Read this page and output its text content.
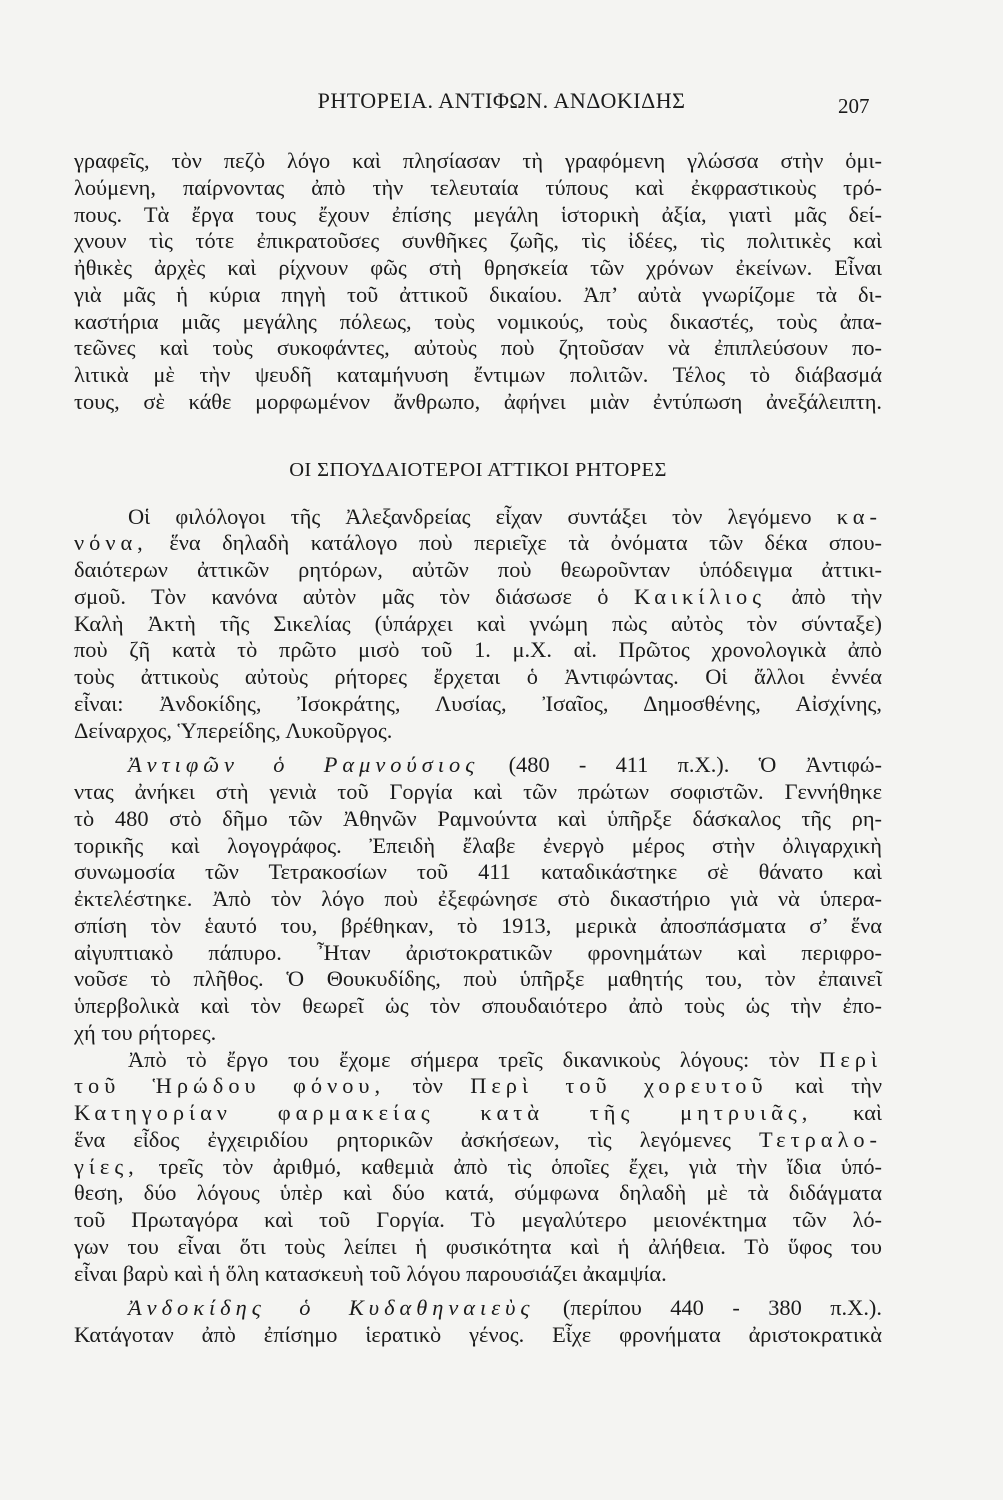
ΡΗΤΟΡΕΙΑ. ΑΝΤΙΦΩΝ. ΑΝΔΟΚΙΔΗΣ	207
γραφεῖς, τὸν πεζὸ λόγο καὶ πλησίασαν τὴ γραφόμενη γλώσσα στὴν ὁμι-
λούμενη, παίρνοντας ἀπὸ τὴν τελευταία τύπους καὶ ἐκφραστικοὺς τρό-
πους. Τὰ ἔργα τους ἔχουν ἐπίσης μεγάλη ἱστορικὴ ἀξία, γιατὶ μᾶς δεί-
χνουν τὶς τότε ἐπικρατοῦσες συνθῆκες ζωῆς, τὶς ἰδέες, τὶς πολιτικὲς καὶ
ἠθικὲς ἀρχὲς καὶ ρίχνουν φῶς στὴ θρησκεία τῶν χρόνων ἐκείνων. Εἶναι
γιὰ μᾶς ἡ κύρια πηγὴ τοῦ ἀττικοῦ δικαίου. Ἀπ’ αὐτὰ γνωρίζομε τὰ δι-
καστήρια μιᾶς μεγάλης πόλεως, τοὺς νομικούς, τοὺς δικαστές, τοὺς ἀπα-
τεῶνες καὶ τοὺς συκοφάντες, αὐτοὺς ποὺ ζητοῦσαν νὰ ἐπιπλεύσουν πο-
λιτικὰ μὲ τὴν ψευδῆ καταμήνυση ἔντιμων πολιτῶν. Τέλος τὸ διάβασμά
τους, σὲ κάθε μορφωμένον ἄνθρωπο, ἀφήνει μιὰν ἐντύπωση ἀνεξάλειπτη.
ΟΙ ΣΠΟΥΔΑΙΟΤΕΡΟΙ ΑΤΤΙΚΟΙ ΡΗΤΟΡΕΣ
Οἱ φιλόλογοι τῆς Ἀλεξανδρείας εἶχαν συντάξει τὸν λεγόμενο κα-
νόνα, ἕνα δηλαδὴ κατάλογο ποὺ περιεῖχε τὰ ὀνόματα τῶν δέκα σπου-
δαιότερων ἀττικῶν ρητόρων, αὐτῶν ποὺ θεωροῦνταν ὑπόδειγμα ἀττικι-
σμοῦ. Τὸν κανόνα αὐτὸν μᾶς τὸν διάσωσε ὁ Καικίλιος ἀπὸ τὴν
Καλὴ Ἀκτὴ τῆς Σικελίας (ὑπάρχει καὶ γνώμη πὼς αὐτὸς τὸν σύνταξε)
ποὺ ζῆ κατὰ τὸ πρῶτο μισὸ τοῦ 1. μ.Χ. αἰ. Πρῶτος χρονολογικὰ ἀπὸ
τοὺς ἀττικοὺς αὐτοὺς ρήτορες ἔρχεται ὁ Ἀντιφώντας. Οἱ ἄλλοι ἐννέα
εἶναι: Ἀνδοκίδης, Ἰσοκράτης, Λυσίας, Ἰσαῖος, Δημοσθένης, Αἰσχίνης,
Δείναρχος, Ὑπερείδης, Λυκοῦργος.
Ἀντιφῶν ὁ Ραμνούσιος (480 - 411 π.Χ.). Ὁ Ἀντιφώ-
ντας ἀνήκει στὴ γενιὰ τοῦ Γοργία καὶ τῶν πρώτων σοφιστῶν. Γεννήθηκε
τὸ 480 στὸ δῆμο τῶν Ἀθηνῶν Ραμνούντα καὶ ὑπῆρξε δάσκαλος τῆς ρη-
τορικῆς καὶ λογογράφος. Ἐπειδὴ ἔλαβε ἐνεργὸ μέρος στὴν ὀλιγαρχικὴ
συνωμοσία τῶν Τετρακοσίων τοῦ 411 καταδικάστηκε σὲ θάνατο καὶ
ἐκτελέστηκε. Ἀπὸ τὸν λόγο ποὺ ἐξεφώνησε στὸ δικαστήριο γιὰ νὰ ὑπερα-
σπίση τὸν ἑαυτό του, βρέθηκαν, τὸ 1913, μερικὰ ἀποσπάσματα σ’ ἕνα
αἰγυπτιακὸ πάπυρο. Ἦταν ἀριστοκρατικῶν φρονημάτων καὶ περιφρο-
νοῦσε τὸ πλῆθος. Ὁ Θουκυδίδης, ποὺ ὑπῆρξε μαθητής του, τὸν ἐπαινεῖ
ὑπερβολικὰ καὶ τὸν θεωρεῖ ὡς τὸν σπουδαιότερο ἀπὸ τοὺς ὡς τὴν ἐπο-
χή του ρήτορες.
Ἀπὸ τὸ ἔργο του ἔχομε σήμερα τρεῖς δικανικοὺς λόγους: τὸν Περὶ
τοῦ Ἡρώδου φόνου, τὸν Περὶ τοῦ χορευτοῦ καὶ τὴν
Κατηγορίαν φαρμακείας κατὰ τῆς μητρυιᾶς, καὶ
ἕνα εἶδος ἐγχειριδίου ρητορικῶν ἀσκήσεων, τὶς λεγόμενες Τετραλο-
γίες, τρεῖς τὸν ἀριθμό, καθεμιὰ ἀπὸ τὶς ὁποῖες ἔχει, γιὰ τὴν ἴδια ὑπό-
θεση, δύο λόγους ὑπὲρ καὶ δύο κατά, σύμφωνα δηλαδὴ μὲ τὰ διδάγματα
τοῦ Πρωταγόρα καὶ τοῦ Γοργία. Τὸ μεγαλύτερο μειονέκτημα τῶν λό-
γων του εἶναι ὅτι τοὺς λείπει ἡ φυσικότητα καὶ ἡ ἀλήθεια. Τὸ ὕφος του
εἶναι βαρὺ καὶ ἡ ὅλη κατασκευὴ τοῦ λόγου παρουσιάζει ἀκαμψία.
Ἀνδοκίδης ὁ Κυδαθηναιεὺς (περίπου 440 - 380 π.Χ.).
Κατάγοταν ἀπὸ ἐπίσημο ἱερατικὸ γένος. Εἶχε φρονήματα ἀριστοκρατικὰ
